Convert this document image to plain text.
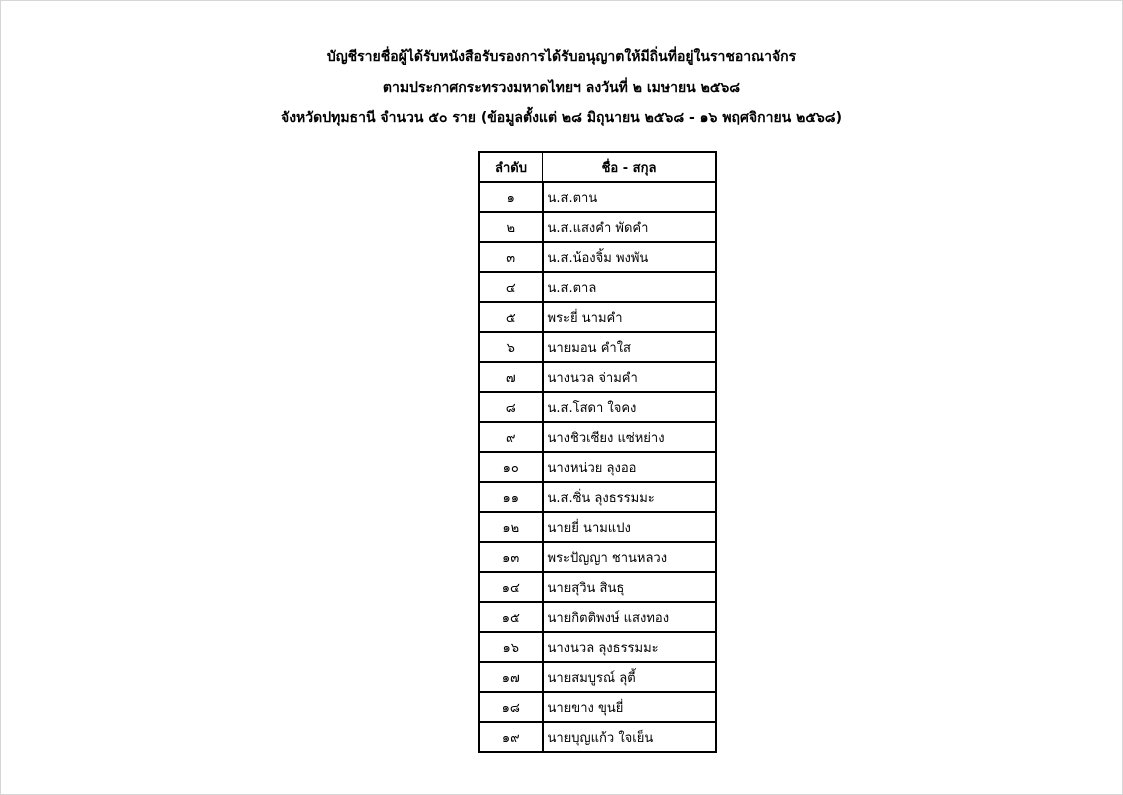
บัญชีรายชื่อผู้ได้รับหนังสือรับรองการได้รับอนุญาตให้มีถิ่นที่อยู่ในราชอาณาจักร
ตามประกาศกระทรวงมหาดไทยฯ ลงวันที่ ๒ เมษายน ๒๕๖๘
จังหวัดปทุมธานี จำนวน ๕๐ ราย (ข้อมูลตั้งแต่ ๒๘ มิถุนายน ๒๕๖๘ - ๑๖ พฤศจิกายน ๒๕๖๘)
ลำดับ	ชื่อ - สกุล
๑	น.ส.ตาน
๒	น.ส.แสงคำ พัดคำ
๓	น.ส.น้องจิ้ม พงพัน
๔	น.ส.ตาล
๕	พระยี่ นามคำ
๖	นายมอน คำใส
๗	นางนวล จ่ามคำ
๘	น.ส.โสดา ใจคง
๙	นางชิวเซียง แซ่หย่าง
๑๐	นางหน่วย ลุงออ
๑๑	น.ส.ซิ่น ลุงธรรมมะ
๑๒	นายยี่ นามแปง
๑๓	พระปัญญา ชานหลวง
๑๔	นายสุวิน สินธุ
๑๕	นายกิตติพงษ์ แสงทอง
๑๖	นางนวล ลุงธรรมมะ
๑๗	นายสมบูรณ์ ลุตี้
๑๘	นายขาง ขุนยี่
๑๙	นายบุญแก้ว ใจเย็น
